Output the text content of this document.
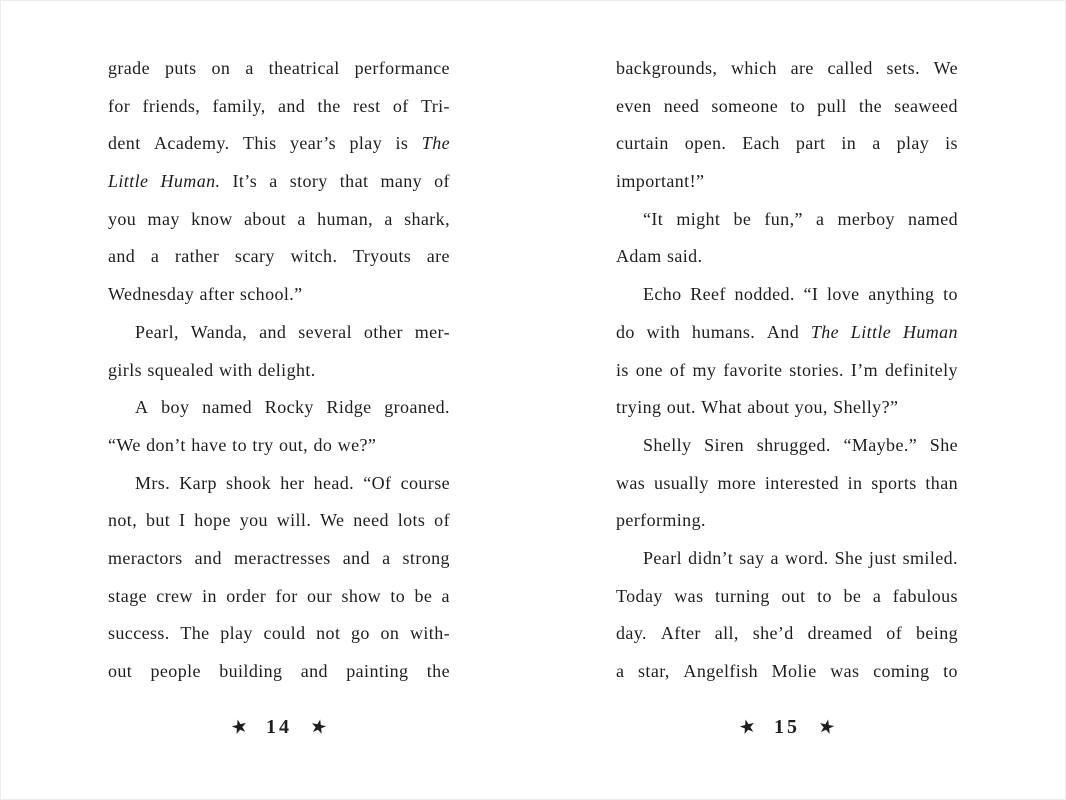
grade puts on a theatrical performance
for friends, family, and the rest of Tri-
dent Academy. This year’s play is The
Little Human. It’s a story that many of
you may know about a human, a shark,
and a rather scary witch. Tryouts are
Wednesday after school.”
Pearl, Wanda, and several other mer-
girls squealed with delight.
A boy named Rocky Ridge groaned.
“We don’t have to try out, do we?”
Mrs. Karp shook her head. “Of course
not, but I hope you will. We need lots of
meractors and meractresses and a strong
stage crew in order for our show to be a
success. The play could not go on with-
out people building and painting the
backgrounds, which are called sets. We
even need someone to pull the seaweed
curtain open. Each part in a play is
important!”
“It might be fun,” a merboy named
Adam said.
Echo Reef nodded. “I love anything to
do with humans. And The Little Human
is one of my favorite stories. I’m definitely
trying out. What about you, Shelly?”
Shelly Siren shrugged. “Maybe.” She
was usually more interested in sports than
performing.
Pearl didn’t say a word. She just smiled.
Today was turning out to be a fabulous
day. After all, she’d dreamed of being
a star, Angelfish Molie was coming to
★ 14 ★	★ 15 ★
